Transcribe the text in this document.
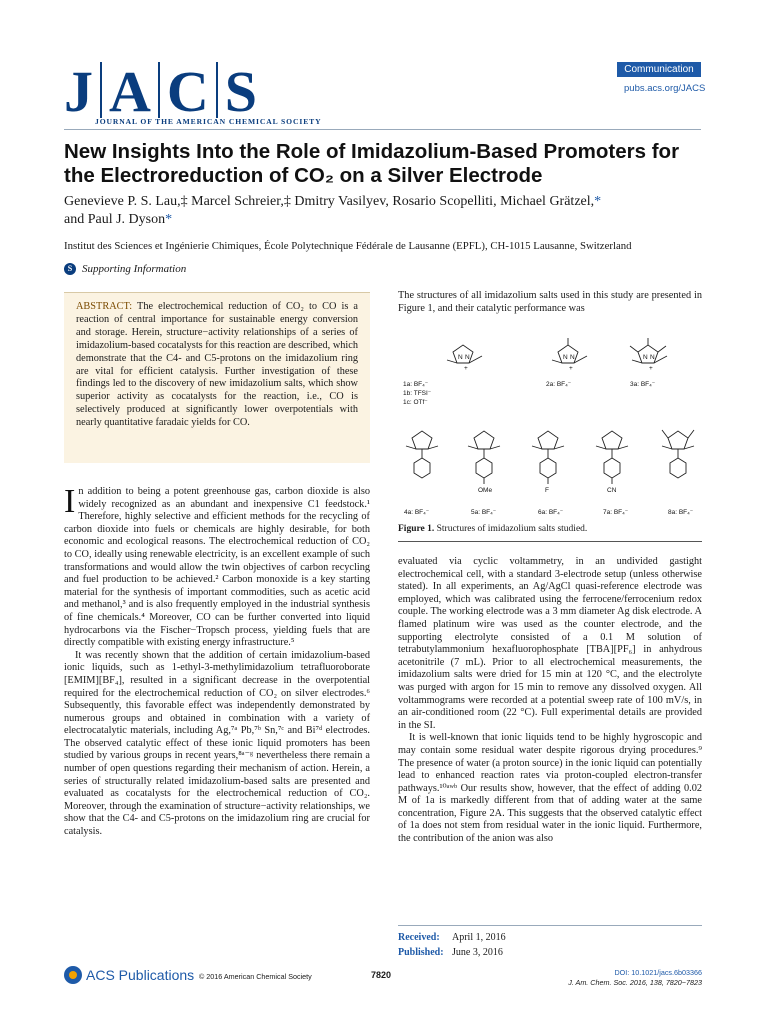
J A C S
JOURNAL OF THE AMERICAN CHEMICAL SOCIETY
Communication
pubs.acs.org/JACS
New Insights Into the Role of Imidazolium-Based Promoters for the Electroreduction of CO₂ on a Silver Electrode
Genevieve P. S. Lau,‡ Marcel Schreier,‡ Dmitry Vasilyev, Rosario Scopelliti, Michael Grätzel,*
and Paul J. Dyson*
Institut des Sciences et Ingénierie Chimiques, École Polytechnique Fédérale de Lausanne (EPFL), CH-1015 Lausanne, Switzerland
S Supporting Information

ABSTRACT: The electrochemical reduction of CO₂ to CO is a reaction of central importance for sustainable energy conversion and storage. Herein, structure−activity relationships of a series of imidazolium-based cocatalysts for this reaction are described, which demonstrate that the C4- and C5-protons on the imidazolium ring are vital for efficient catalysis. Further investigation of these findings led to the discovery of new imidazolium salts, which show superior activity as cocatalysts for the reaction, i.e., CO is selectively produced at significantly lower overpotentials with nearly quantitative faradaic yields for CO.

In addition to being a potent greenhouse gas, carbon dioxide is also widely recognized as an abundant and inexpensive C1 feedstock.¹ Therefore, highly selective and efficient methods for the recycling of carbon dioxide into fuels or chemicals are highly desirable, for both economic and ecological reasons. The electrochemical reduction of CO₂ to CO, ideally using renewable electricity, is an excellent example of such transformations and would allow the twin objectives of carbon recycling and fuel production to be achieved.² Carbon monoxide is a key starting material for the synthesis of important commodities, such as acetic acid and methanol,³ and is also frequently employed in the industrial synthesis of fine chemicals.⁴ Moreover, CO can be further converted into liquid hydrocarbons via the Fischer−Tropsch process, yielding fuels that are directly compatible with existing energy infrastructure.⁵

It was recently shown that the addition of certain imidazolium-based ionic liquids, such as 1-ethyl-3-methylimidazolium tetrafluoroborate [EMIM][BF₄], resulted in a significant decrease in the overpotential required for the electrochemical reduction of CO₂ on silver electrodes.⁶ Subsequently, this favorable effect was independently demonstrated by numerous groups and obtained in combination with a variety of electrocatalytic materials, including Ag,⁷ᵃ Pb,⁷ᵇ Sn,⁷ᶜ and Bi⁷ᵈ electrodes. The observed catalytic effect of these ionic liquid promoters has been studied by various groups in recent years,⁸ᵃ⁻ᵍ nevertheless there remain a number of open questions regarding their mechanism of action. Herein, a series of structurally related imidazolium-based salts are presented and evaluated as cocatalysts for the electrochemical reduction of CO₂. Moreover, through the examination of structure−activity relationships, we show that the C4- and C5-protons on the imidazolium ring are crucial for catalysis.

The structures of all imidazolium salts used in this study are presented in Figure 1, and their catalytic performance was
N N	N N	N N
+	+	+
1a: BF₄⁻
1b: TFSI⁻
1c: OTf⁻
2a: BF₄⁻	3a: BF₄⁻
OMe	F	CN
4a: BF₄⁻	5a: BF₄⁻	6a: BF₄⁻	7a: BF₄⁻	8a: BF₄⁻
Figure 1. Structures of imidazolium salts studied.

evaluated via cyclic voltammetry, in an undivided gastight electrochemical cell, with a standard 3-electrode setup (unless otherwise stated). In all experiments, an Ag/AgCl quasi-reference electrode was employed, which was calibrated using the ferrocene/ferrocenium redox couple. The working electrode was a 3 mm diameter Ag disk electrode. A flamed platinum wire was used as the counter electrode, and the supporting electrolyte consisted of a 0.1 M solution of tetrabutylammonium hexafluorophosphate [TBA][PF₆] in anhydrous acetonitrile (7 mL). Prior to all electrochemical measurements, the imidazolium salts were dried for 15 min at 120 °C, and the electrolyte was purged with argon for 15 min to remove any dissolved oxygen. All voltammograms were recorded at a potential sweep rate of 100 mV/s, in an air-conditioned room (22 °C). Full experimental details are provided in the SI.

It is well-known that ionic liquids tend to be highly hygroscopic and may contain some residual water despite rigorous drying procedures.⁹ The presence of water (a proton source) in the ionic liquid can potentially lead to enhanced reaction rates via proton-coupled electron-transfer pathways.¹⁰ᵃʷᵇ Our results show, however, that the effect of adding 0.02 M of 1a is markedly different from that of adding water at the same concentration, Figure 2A. This suggests that the observed catalytic effect of 1a does not stem from residual water in the ionic liquid. Furthermore, the contribution of the anion was also

Received: April 1, 2016
Published: June 3, 2016
ACS Publications © 2016 American Chemical Society	7820	DOI: 10.1021/jacs.6b03366
J. Am. Chem. Soc. 2016, 138, 7820−7823
